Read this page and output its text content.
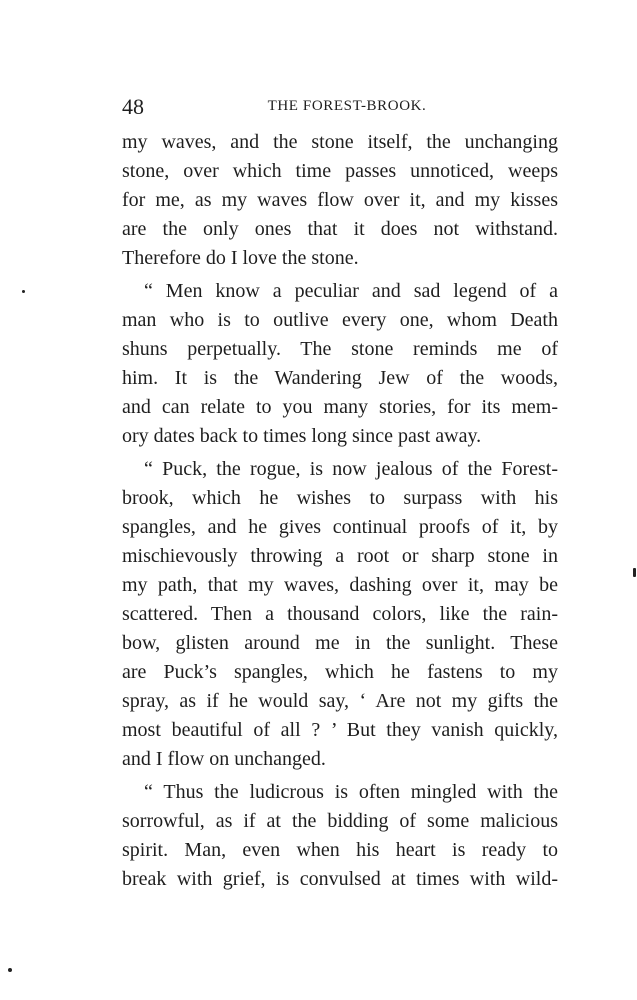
48	THE FOREST-BROOK.
my waves, and the stone itself, the unchanging
stone, over which time passes unnoticed, weeps
for me, as my waves flow over it, and my kisses
are the only ones that it does not withstand.
Therefore do I love the stone.
“ Men know a peculiar and sad legend of a
man who is to outlive every one, whom Death
shuns perpetually. The stone reminds me of
him. It is the Wandering Jew of the woods,
and can relate to you many stories, for its mem-
ory dates back to times long since past away.
“ Puck, the rogue, is now jealous of the Forest-
brook, which he wishes to surpass with his
spangles, and he gives continual proofs of it, by
mischievously throwing a root or sharp stone in
my path, that my waves, dashing over it, may be
scattered. Then a thousand colors, like the rain-
bow, glisten around me in the sunlight. These
are Puck’s spangles, which he fastens to my
spray, as if he would say, ‘ Are not my gifts the
most beautiful of all ? ’ But they vanish quickly,
and I flow on unchanged.
“ Thus the ludicrous is often mingled with the
sorrowful, as if at the bidding of some malicious
spirit. Man, even when his heart is ready to
break with grief, is convulsed at times with wild-
